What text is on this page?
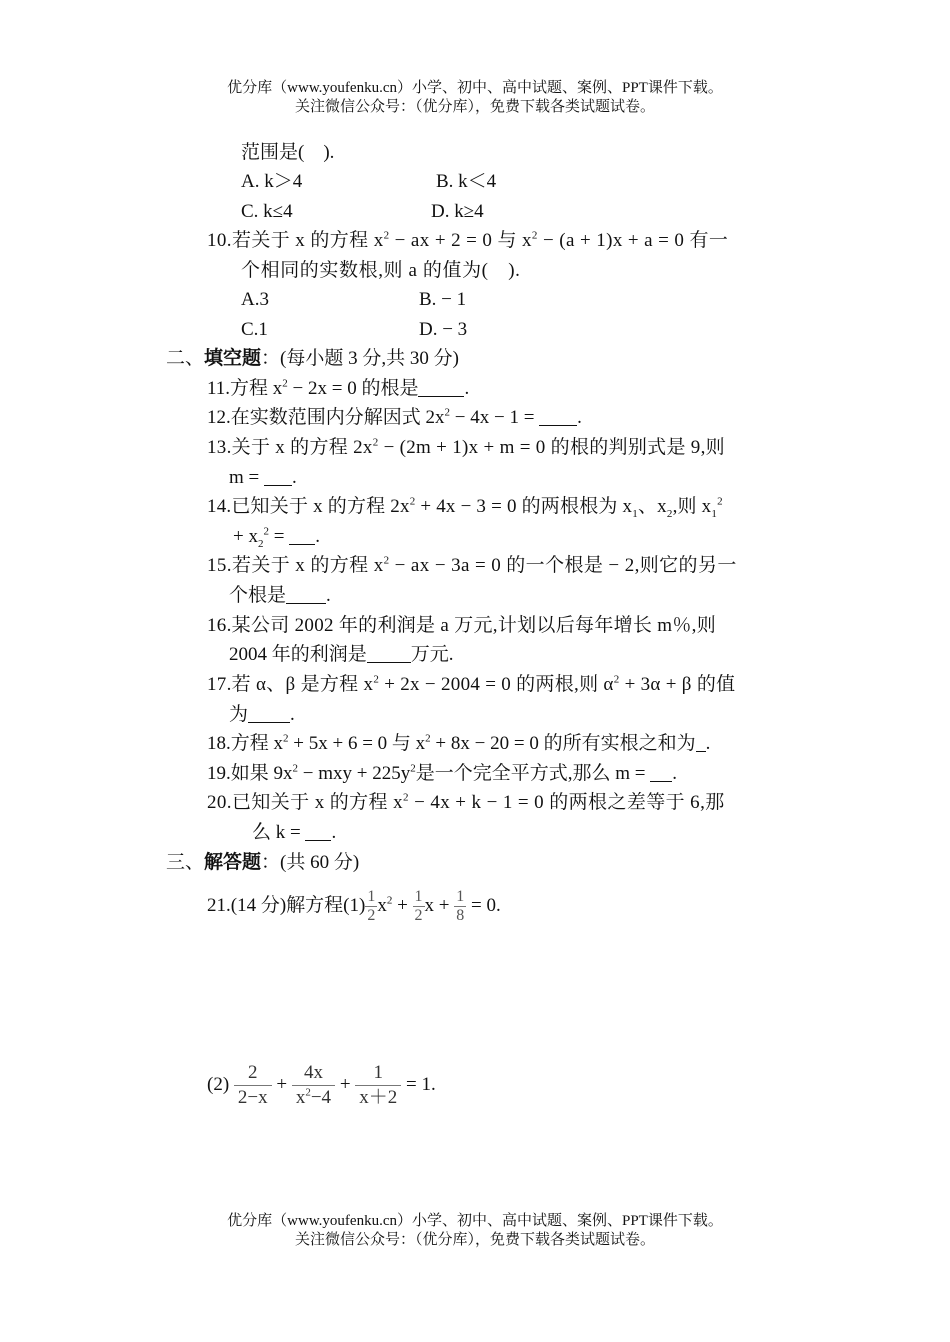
优分库（www.youfenku.cn）小学、初中、高中试题、案例、PPT课件下载。
关注微信公众号：（优分库），免费下载各类试题试卷。
范围是(　).
A. k＞4	B. k＜4
C. k≤4	D. k≥4
10.若关于 x 的方程 $x^2$ − ax + 2 = 0 与 $x^2 - (a + 1)x + a = 0$ 有一
个相同的实数根,则 a 的值为(　).
A.3	B. − 1
C.1	D. − 3
二、填空题：(每小题 3 分,共 30 分)
11.方程 $x^2 - 2x = 0$ 的根是 .
12.在实数范围内分解因式 $2x^2 - 4x - 1$ = .
13.关于 x 的方程 $2x^2 - (2m + 1)x + m = 0$ 的根的判别式是 9,则
m = .
14.已知关于 x 的方程 $2x^2 + 4x - 3 = 0$ 的两根根为 $x_1$、$x_2$,则 $x_1^2$
+ $x_2^2$ = .
15.若关于 x 的方程 $x^2$ − ax − 3a = 0 的一个根是 − 2,则它的另一
个根是 .
16.某公司 2002 年的利润是 a 万元,计划以后每年增长 m％,则
2004 年的利润是 万元.
17.若 α、β 是方程 $x^2 + 2x - 2004 = 0$ 的两根,则 $\alpha^2 + 3\alpha + \beta$ 的值
为 .
18.方程 $x^2 + 5x + 6 = 0$ 与 $x^2 + 8x - 20 = 0$ 的所有实根之和为 .
19.如果 $9x^2$ − mxy + $225y^2$是一个完全平方式,那么 m = .
20.已知关于 x 的方程 $x^2 - 4x + k - 1 = 0$ 的两根之差等于 6,那
么 k = .
三、解答题：(共 60 分)
21.(14 分)解方程$(1) \frac{1}{2} x^2 + \frac{1}{2}$ $x + \frac{1}{8} = 0$.
$(2) \frac{2}{2-x} + \frac{4x}{x^2-4} + \frac{1}{x+2} = 1$.
优分库（www.youfenku.cn）小学、初中、高中试题、案例、PPT课件下载。
关注微信公众号：（优分库），免费下载各类试题试卷。
